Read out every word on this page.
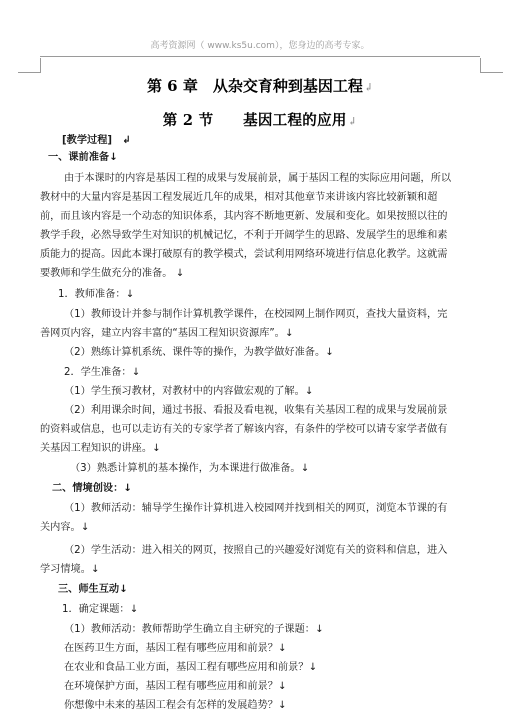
高考资源网（ www.ks5u.com），您身边的高考专家。
第 6 章　从杂交育种到基因工程↲
第 2 节　　基因工程的应用↲
[教学过程]　↲
一、课前准备↓
由于本课时的内容是基因工程的成果与发展前景，属于基因工程的实际应用问题，所以
教材中的大量内容是基因工程发展近几年的成果，相对其他章节来讲该内容比较新颖和超
前，而且该内容是一个动态的知识体系，其内容不断地更新、发展和变化。如果按照以往的
教学手段，必然导致学生对知识的机械记忆，不利于开阔学生的思路、发展学生的思维和素
质能力的提高。因此本课打破原有的教学模式，尝试利用网络环境进行信息化教学。这就需
要教师和学生做充分的准备。 ↓
1．教师准备：↓
（1）教师设计并参与制作计算机教学课件，在校园网上制作网页，查找大量资料，完
善网页内容，建立内容丰富的“基因工程知识资源库”。↓
（2）熟练计算机系统、课件等的操作，为教学做好准备。↓
2．学生准备：↓
（1）学生预习教材，对教材中的内容做宏观的了解。↓
（2）利用课余时间，通过书报、看报及看电视，收集有关基因工程的成果与发展前景
的资料或信息，也可以走访有关的专家学者了解该内容，有条件的学校可以请专家学者做有
关基因工程知识的讲座。↓
（3）熟悉计算机的基本操作，为本课进行做准备。↓
二、情境创设：↓
（1）教师活动：辅导学生操作计算机进入校园网并找到相关的网页，浏览本节课的有
关内容。↓
（2）学生活动：进入相关的网页，按照自己的兴趣爱好浏览有关的资料和信息，进入
学习情境。↓
三、师生互动↓
1．确定课题：↓
（1）教师活动：教师帮助学生确立自主研究的子课题：↓
在医药卫生方面，基因工程有哪些应用和前景？↓
在农业和食品工业方面，基因工程有哪些应用和前景？↓
在环境保护方面，基因工程有哪些应用和前景？↓
你想像中未来的基因工程会有怎样的发展趋势？↓
